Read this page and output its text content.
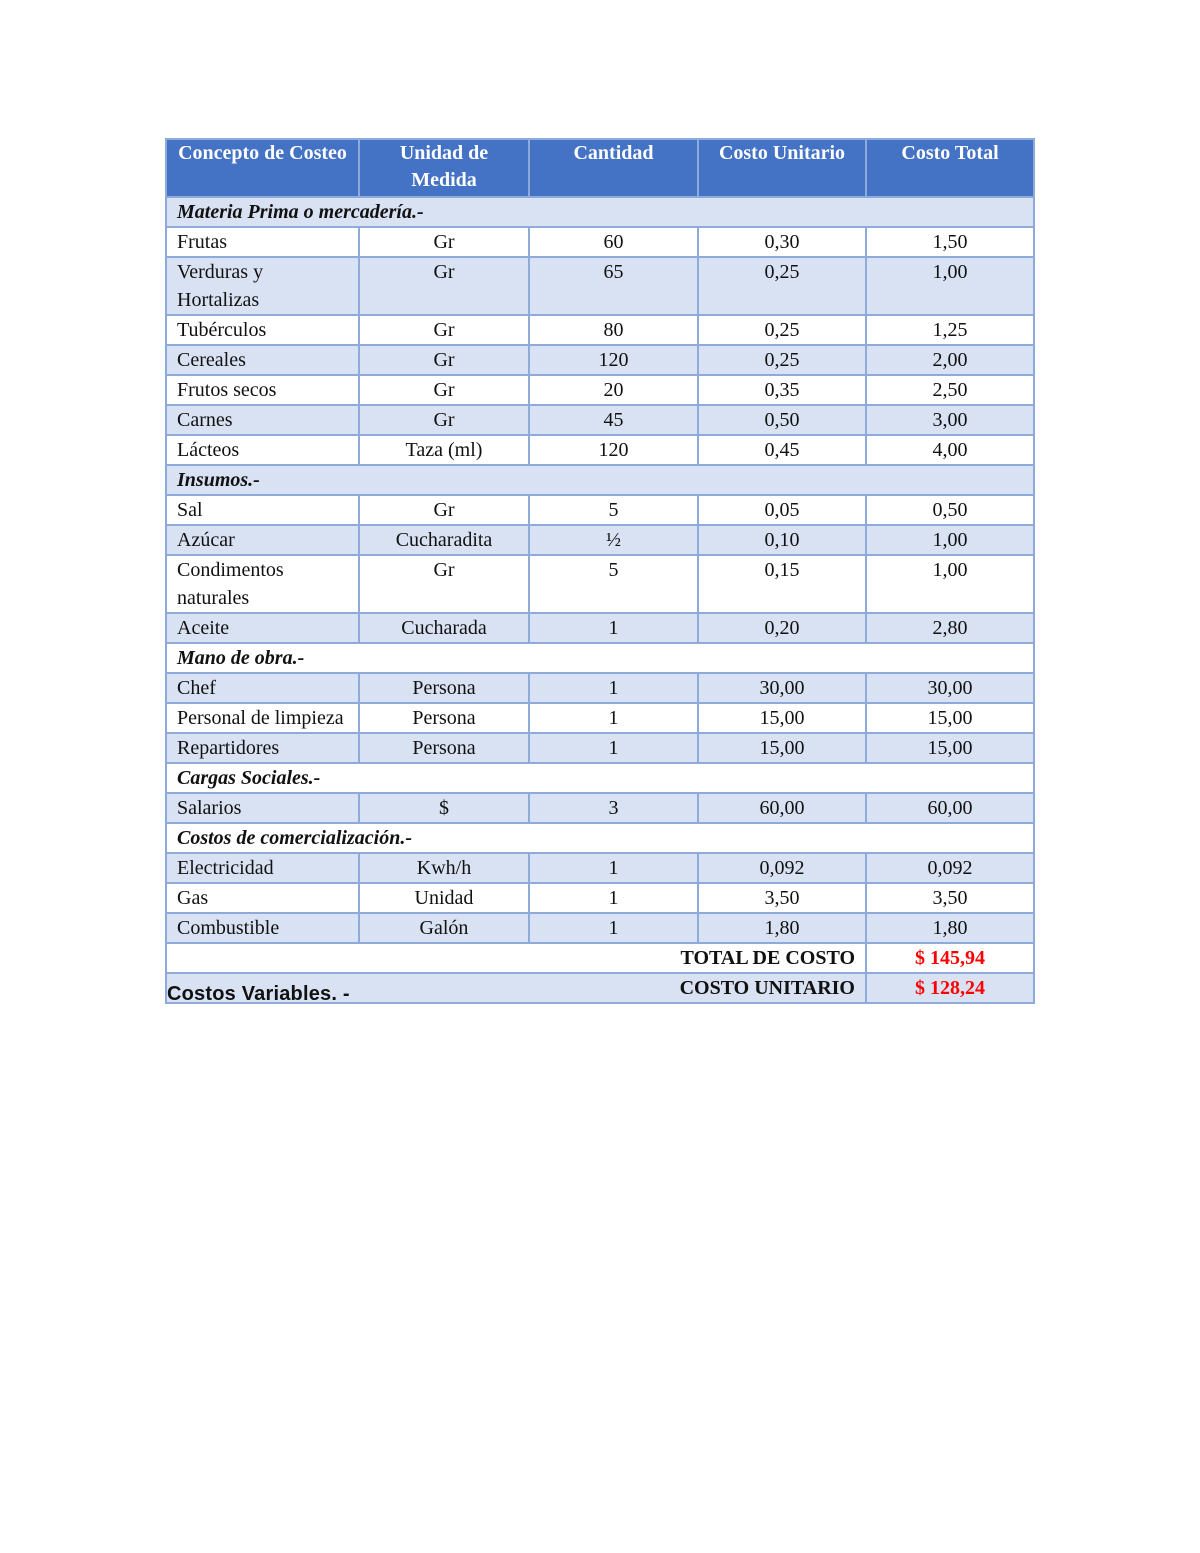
Concepto de Costeo	Unidad de Medida	Cantidad	Costo Unitario	Costo Total
Materia Prima o mercadería.-				
Frutas	Gr	60	0,30	1,50
Verduras y Hortalizas	Gr	65	0,25	1,00
Tubérculos	Gr	80	0,25	1,25
Cereales	Gr	120	0,25	2,00
Frutos secos	Gr	20	0,35	2,50
Carnes	Gr	45	0,50	3,00
Lácteos	Taza (ml)	120	0,45	4,00
Insumos.-				
Sal	Gr	5	0,05	0,50
Azúcar	Cucharadita	½	0,10	1,00
Condimentos naturales	Gr	5	0,15	1,00
Aceite	Cucharada	1	0,20	2,80
Mano de obra.-				
Chef	Persona	1	30,00	30,00
Personal de limpieza	Persona	1	15,00	15,00
Repartidores	Persona	1	15,00	15,00
Cargas Sociales.-				
Salarios	$	3	60,00	60,00
Costos de comercialización.-				
Electricidad	Kwh/h	1	0,092	0,092
Gas	Unidad	1	3,50	3,50
Combustible	Galón	1	1,80	1,80
TOTAL DE COSTO				$ 145,94
COSTO UNITARIO				$ 128,24
Costos Variables. -
